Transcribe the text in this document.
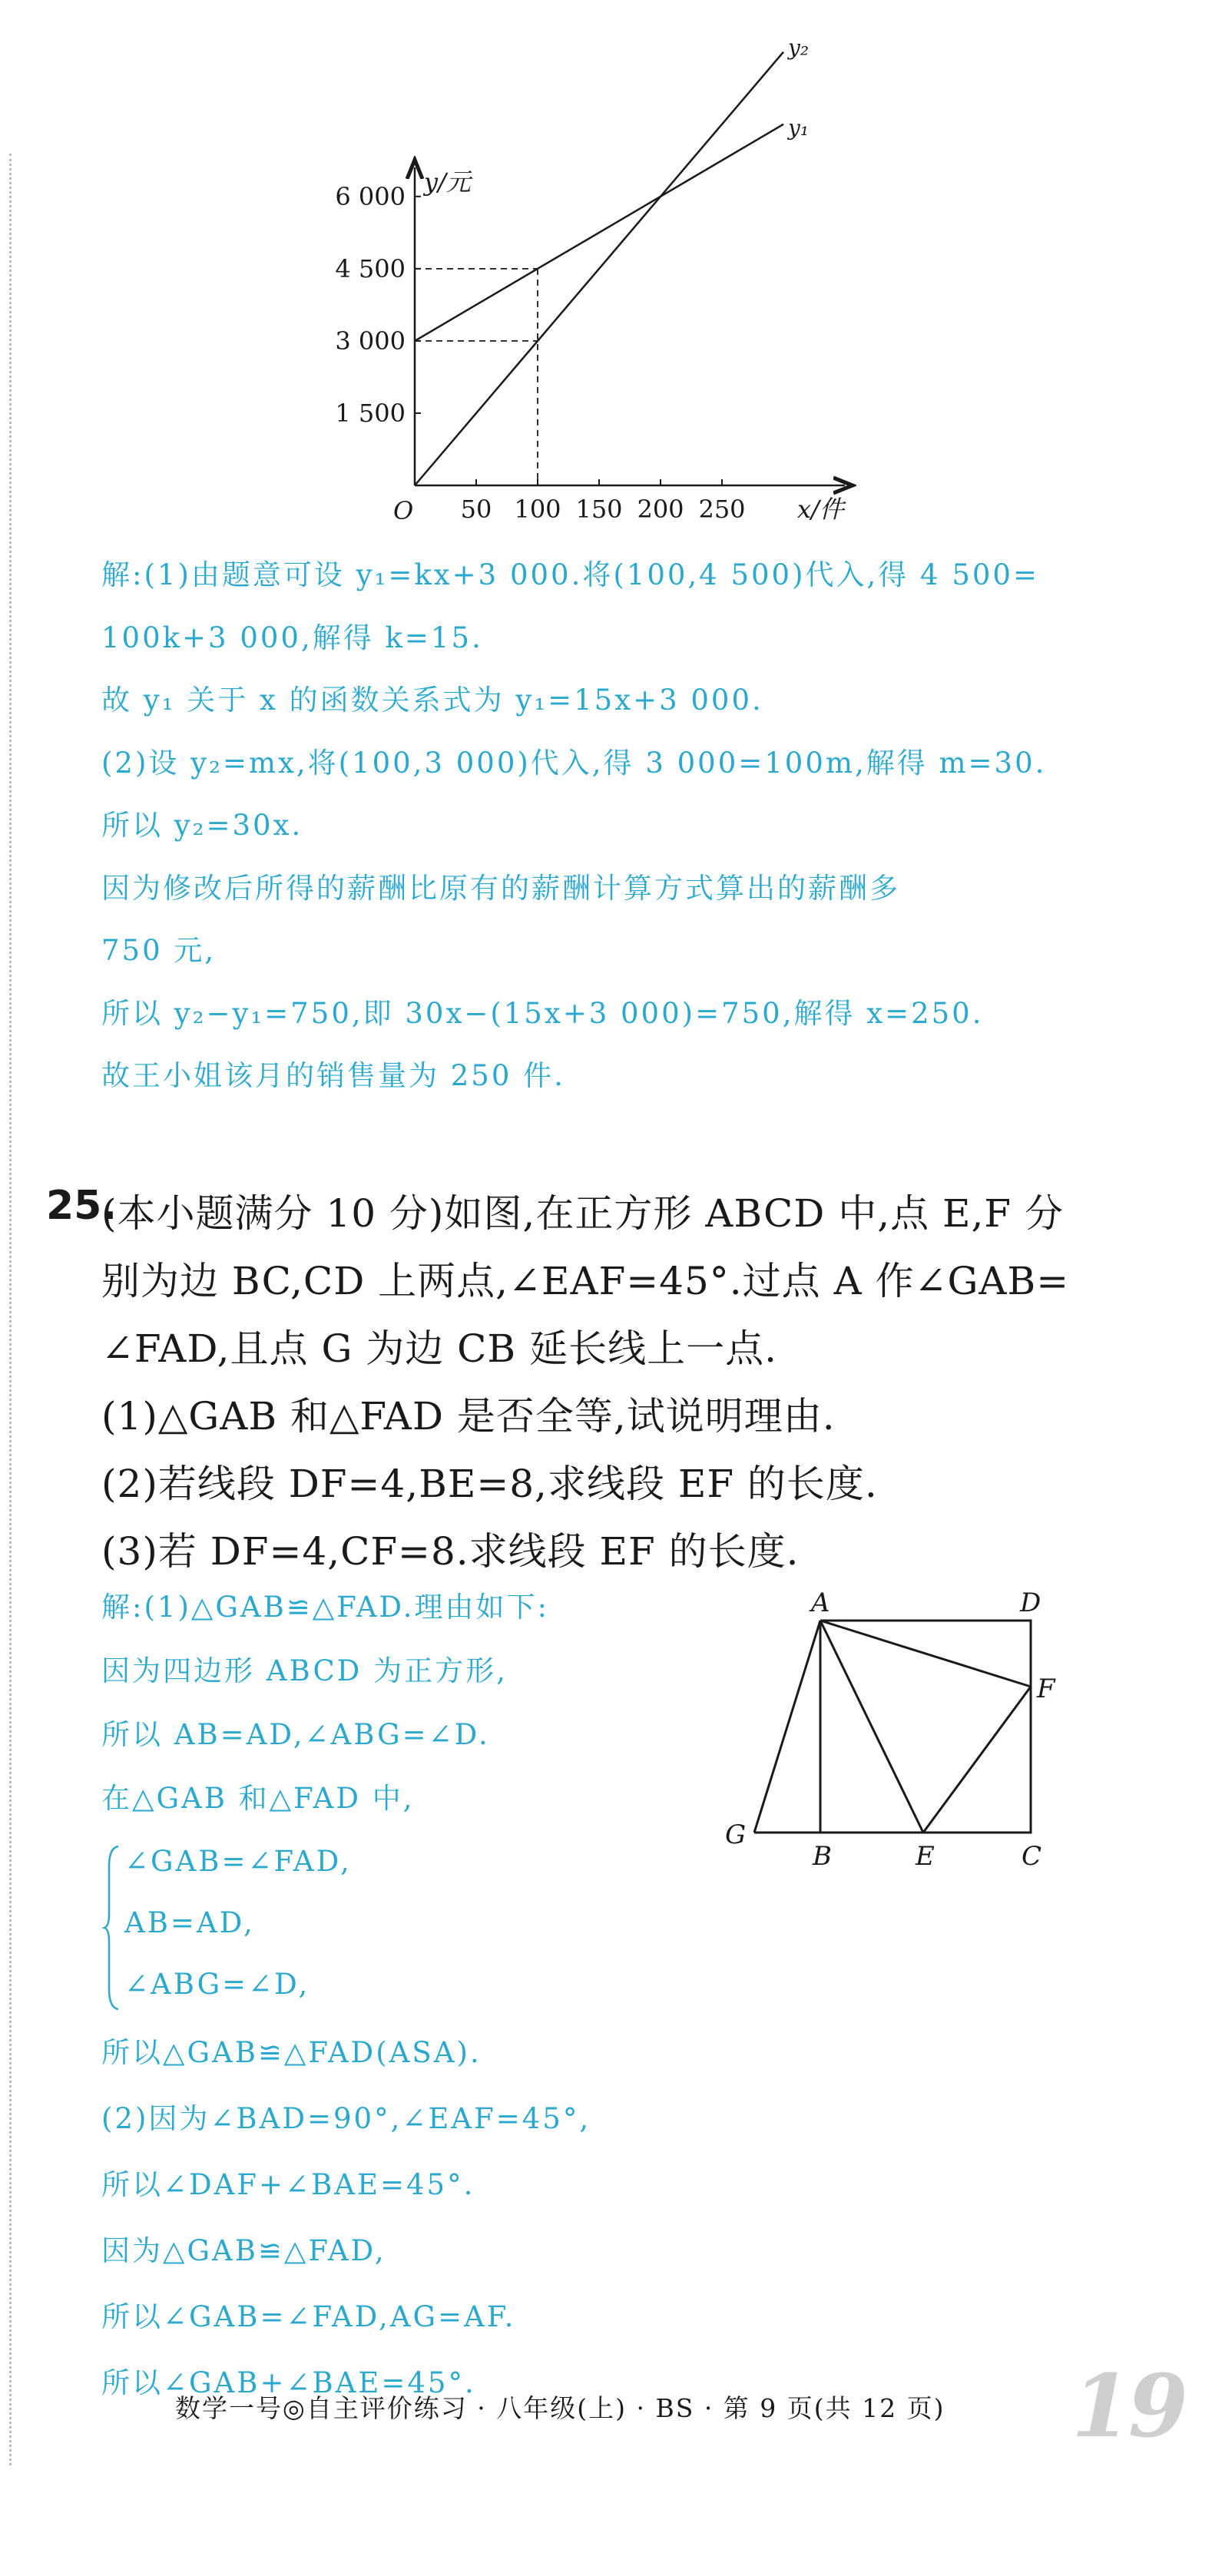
y₁
y₂
50 100 150 200 250
1 500
3 000
4 500
6 000
O
y/元
x/件
解:(1)由题意可设 y₁=kx+3 000.将(100,4 500)代入,得 4 500=
100k+3 000,解得 k=15.
故 y₁ 关于 x 的函数关系式为 y₁=15x+3 000.
(2)设 y₂=mx,将(100,3 000)代入,得 3 000=100m,解得 m=30.
所以 y₂=30x.
因为修改后所得的薪酬比原有的薪酬计算方式算出的薪酬多
750 元,
所以 y₂−y₁=750,即 30x−(15x+3 000)=750,解得 x=250.
故王小姐该月的销售量为 250 件.
25.
(本小题满分 10 分)如图,在正方形 ABCD 中,点 E,F 分
别为边 BC,CD 上两点,∠EAF=45°.过点 A 作∠GAB=
∠FAD,且点 G 为边 CB 延长线上一点.
(1)△GAB 和△FAD 是否全等,试说明理由.
(2)若线段 DF=4,BE=8,求线段 EF 的长度.
(3)若 DF=4,CF=8.求线段 EF 的长度.
解:(1)△GAB≌△FAD.理由如下:
因为四边形 ABCD 为正方形,
所以 AB=AD,∠ABG=∠D.
在△GAB 和△FAD 中,
∠GAB=∠FAD,
AB=AD,
∠ABG=∠D,
所以△GAB≌△FAD(ASA).
(2)因为∠BAD=90°,∠EAF=45°,
所以∠DAF+∠BAE=45°.
因为△GAB≌△FAD,
所以∠GAB=∠FAD,AG=AF.
所以∠GAB+∠BAE=45°.
A	D
F
G
B	E	C
数学一号◎自主评价练习 · 八年级(上) · BS · 第 9 页(共 12 页) 19
